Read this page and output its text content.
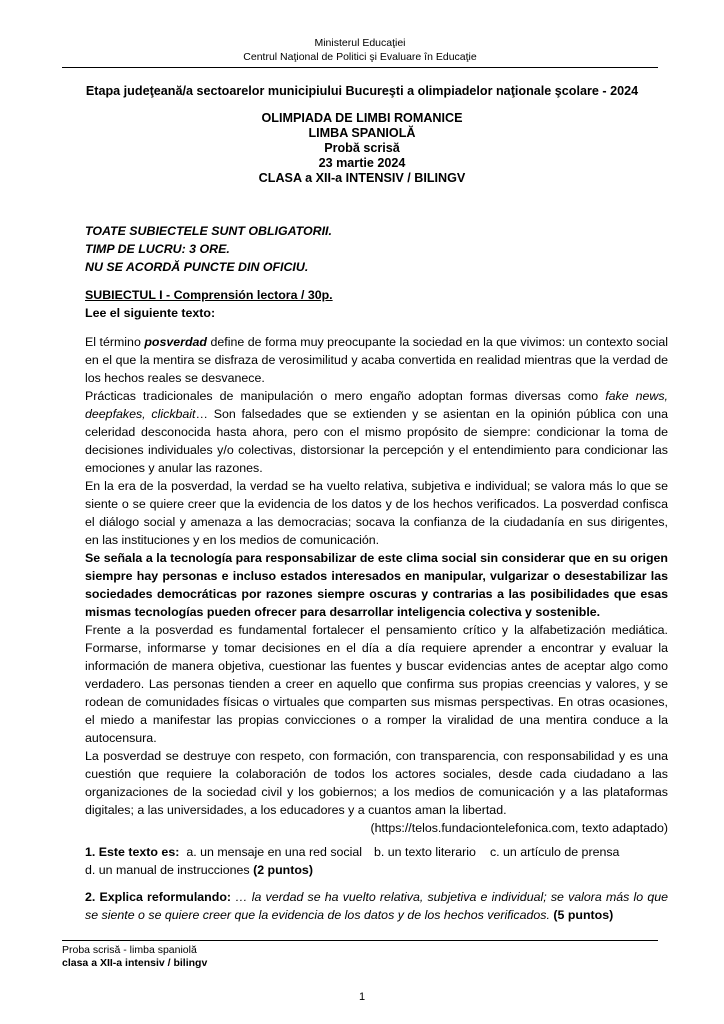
Ministerul Educaţiei
Centrul Naţional de Politici şi Evaluare în Educaţie
Etapa judeţeană/a sectoarelor municipiului Bucureşti a olimpiadelor naţionale şcolare - 2024
OLIMPIADA DE LIMBI ROMANICE
LIMBA SPANIOLĂ
Probă scrisă
23 martie 2024
CLASA a XII-a INTENSIV / BILINGV
TOATE SUBIECTELE SUNT OBLIGATORII.
TIMP DE LUCRU: 3 ORE.
NU SE ACORDĂ PUNCTE DIN OFICIU.
SUBIECTUL I - Comprensión lectora / 30p.
Lee el siguiente texto:

El término posverdad define de forma muy preocupante la sociedad en la que vivimos: un contexto social en el que la mentira se disfraza de verosimilitud y acaba convertida en realidad mientras que la verdad de los hechos reales se desvanece.

Prácticas tradicionales de manipulación o mero engaño adoptan formas diversas como fake news, deepfakes, clickbait… Son falsedades que se extienden y se asientan en la opinión pública con una celeridad desconocida hasta ahora, pero con el mismo propósito de siempre: condicionar la toma de decisiones individuales y/o colectivas, distorsionar la percepción y el entendimiento para condicionar las emociones y anular las razones.

En la era de la posverdad, la verdad se ha vuelto relativa, subjetiva e individual; se valora más lo que se siente o se quiere creer que la evidencia de los datos y de los hechos verificados. La posverdad confisca el diálogo social y amenaza a las democracias; socava la confianza de la ciudadanía en sus dirigentes, en las instituciones y en los medios de comunicación.

Se señala a la tecnología para responsabilizar de este clima social sin considerar que en su origen siempre hay personas e incluso estados interesados en manipular, vulgarizar o desestabilizar las sociedades democráticas por razones siempre oscuras y contrarias a las posibilidades que esas mismas tecnologías pueden ofrecer para desarrollar inteligencia colectiva y sostenible.

Frente a la posverdad es fundamental fortalecer el pensamiento crítico y la alfabetización mediática. Formarse, informarse y tomar decisiones en el día a día requiere aprender a encontrar y evaluar la información de manera objetiva, cuestionar las fuentes y buscar evidencias antes de aceptar algo como verdadero. Las personas tienden a creer en aquello que confirma sus propias creencias y valores, y se rodean de comunidades físicas o virtuales que comparten sus mismas perspectivas. En otras ocasiones, el miedo a manifestar las propias convicciones o a romper la viralidad de una mentira conduce a la autocensura.

La posverdad se destruye con respeto, con formación, con transparencia, con responsabilidad y es una cuestión que requiere la colaboración de todos los actores sociales, desde cada ciudadano a las organizaciones de la sociedad civil y los gobiernos; a los medios de comunicación y a las plataformas digitales; a las universidades, a los educadores y a cuantos aman la libertad.

(https://telos.fundaciontelefonica.com, texto adaptado)
1. Este texto es: a. un mensaje en una red social b. un texto literario c. un artículo de prensa
d. un manual de instrucciones (2 puntos)
2. Explica reformulando: … la verdad se ha vuelto relativa, subjetiva e individual; se valora más lo que se siente o se quiere creer que la evidencia de los datos y de los hechos verificados. (5 puntos)
Proba scrisă - limba spaniolă
clasa a XII-a intensiv / bilingv
1
